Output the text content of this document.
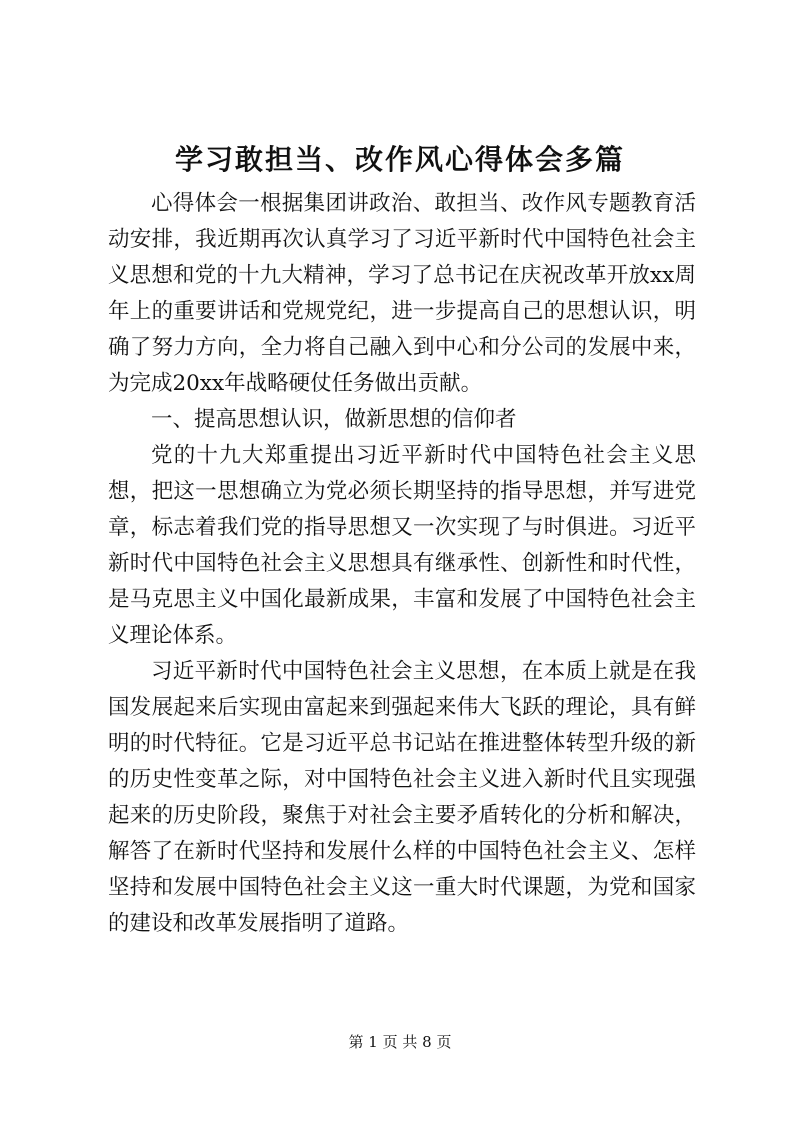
学习敢担当、改作风心得体会多篇

心得体会一根据集团讲政治、敢担当、改作风专题教育活动安排，我近期再次认真学习了习近平新时代中国特色社会主义思想和党的十九大精神，学习了总书记在庆祝改革开放xx周年上的重要讲话和党规党纪，进一步提高自己的思想认识，明确了努力方向，全力将自己融入到中心和分公司的发展中来，为完成20xx年战略硬仗任务做出贡献。

一、提高思想认识，做新思想的信仰者

党的十九大郑重提出习近平新时代中国特色社会主义思想，把这一思想确立为党必须长期坚持的指导思想，并写进党章，标志着我们党的指导思想又一次实现了与时俱进。习近平新时代中国特色社会主义思想具有继承性、创新性和时代性，是马克思主义中国化最新成果，丰富和发展了中国特色社会主义理论体系。

习近平新时代中国特色社会主义思想，在本质上就是在我国发展起来后实现由富起来到强起来伟大飞跃的理论，具有鲜明的时代特征。它是习近平总书记站在推进整体转型升级的新的历史性变革之际，对中国特色社会主义进入新时代且实现强起来的历史阶段，聚焦于对社会主要矛盾转化的分析和解决，解答了在新时代坚持和发展什么样的中国特色社会主义、怎样坚持和发展中国特色社会主义这一重大时代课题，为党和国家的建设和改革发展指明了道路。

第 1 页 共 8 页
